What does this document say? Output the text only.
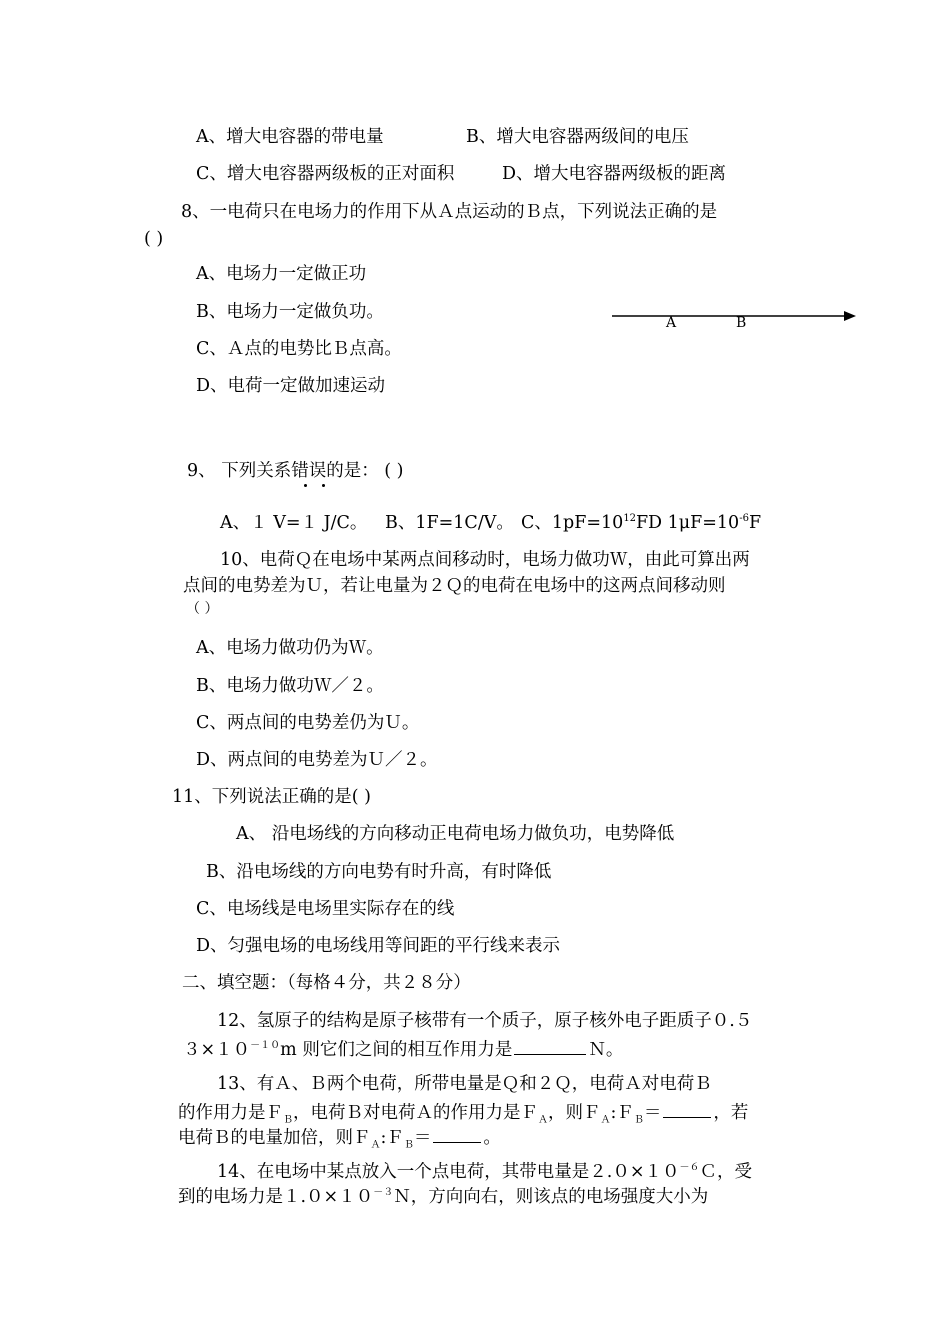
A、增大电容器的带电量	B、增大电容器两级间的电压
C、增大电容器两级板的正对面积	D、增大电容器两级板的距离
8、一电荷只在电场力的作用下从Ａ点运动的Ｂ点，下列说法正确的是
( )
A、电场力一定做正功
B、电场力一定做负功。
C、Ａ点的电势比Ｂ点高。
D、电荷一定做加速运动
A	B
9、 下列关系错误的是： ( )
A、１ V=１ J/C。 B、1F=1C/V。 C、$1pF=10^{12}F$ D $1\mu F=10^{-6}F$
10、电荷Ｑ在电场中某两点间移动时，电场力做功Ｗ，由此可算出两
点间的电势差为Ｕ，若让电量为２Ｑ的电荷在电场中的这两点间移动则
（ ）
A、电场力做功仍为Ｗ。
B、电场力做功Ｗ／２。
C、两点间的电势差仍为Ｕ。
D、两点间的电势差为Ｕ／２。
11、下列说法正确的是( )
A、 沿电场线的方向移动正电荷电场力做负功，电势降低
B、沿电场线的方向电势有时升高，有时降低
C、电场线是电场里实际存在的线
D、匀强电场的电场线用等间距的平行线来表示
二、填空题：（每格４分，共２８分）
12、氢原子的结构是原子核带有一个质子，原子核外电子距质子０.５
$3\times 10^{-10}m$ 则它们之间的相互作用力是	Ｎ。
13、有Ａ、Ｂ两个电荷，所带电量是Ｑ和２Ｑ，电荷Ａ对电荷Ｂ
的作用力是Ｆ$_B$，电荷Ｂ对电荷Ａ的作用力是Ｆ$_A$，则Ｆ$_A$:Ｆ$_B$＝	，若
电荷Ｂ的电量加倍，则Ｆ$_A$:Ｆ$_B$＝	。
14、在电场中某点放入一个点电荷，其带电量是$2.0\times 10^{-6}C$，受
到的电场力是$1.0\times 10^{-3}N$，方向向右，则该点的电场强度大小为
